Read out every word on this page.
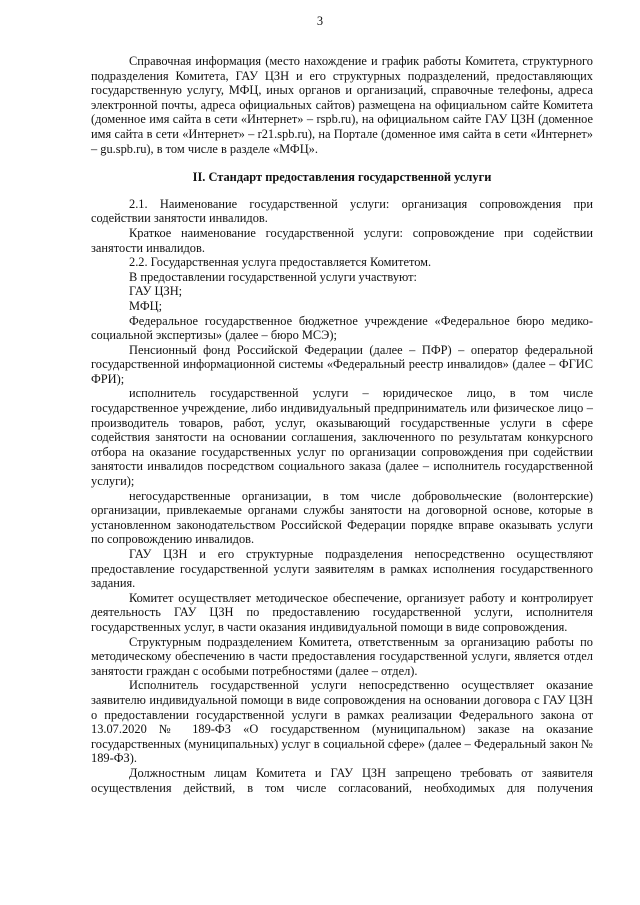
3

Справочная информация (место нахождение и график работы Комитета, структурного подразделения Комитета, ГАУ ЦЗН и его структурных подразделений, предоставляющих государственную услугу, МФЦ, иных органов и организаций, справочные телефоны, адреса электронной почты, адреса официальных сайтов) размещена на официальном сайте Комитета (доменное имя сайта в сети «Интернет» – rspb.ru), на официальном сайте ГАУ ЦЗН (доменное имя сайта в сети «Интернет» – r21.spb.ru), на Портале (доменное имя сайта в сети «Интернет» – gu.spb.ru), в том числе в разделе «МФЦ».

II. Стандарт предоставления государственной услуги

2.1. Наименование государственной услуги: организация сопровождения при содействии занятости инвалидов.

Краткое наименование государственной услуги: сопровождение при содействии занятости инвалидов.

2.2. Государственная услуга предоставляется Комитетом.

В предоставлении государственной услуги участвуют:

ГАУ ЦЗН;

МФЦ;

Федеральное государственное бюджетное учреждение «Федеральное бюро медико-социальной экспертизы» (далее – бюро МСЭ);

Пенсионный фонд Российской Федерации (далее – ПФР) – оператор федеральной государственной информационной системы «Федеральный реестр инвалидов» (далее – ФГИС ФРИ);

исполнитель государственной услуги – юридическое лицо, в том числе государственное учреждение, либо индивидуальный предприниматель или физическое лицо – производитель товаров, работ, услуг, оказывающий государственные услуги в сфере содействия занятости на основании соглашения, заключенного по результатам конкурсного отбора на оказание государственных услуг по организации сопровождения при содействии занятости инвалидов посредством социального заказа (далее – исполнитель государственной услуги);

негосударственные организации, в том числе добровольческие (волонтерские) организации, привлекаемые органами службы занятости на договорной основе, которые в установленном законодательством Российской Федерации порядке вправе оказывать услуги по сопровождению инвалидов.

ГАУ ЦЗН и его структурные подразделения непосредственно осуществляют предоставление государственной услуги заявителям в рамках исполнения государственного задания.

Комитет осуществляет методическое обеспечение, организует работу и контролирует деятельность ГАУ ЦЗН по предоставлению государственной услуги, исполнителя государственных услуг, в части оказания индивидуальной помощи в виде сопровождения.

Структурным подразделением Комитета, ответственным за организацию работы по методическому обеспечению в части предоставления государственной услуги, является отдел занятости граждан с особыми потребностями (далее – отдел).

Исполнитель государственной услуги непосредственно осуществляет оказание заявителю индивидуальной помощи в виде сопровождения на основании договора с ГАУ ЦЗН о предоставлении государственной услуги в рамках реализации Федерального закона от 13.07.2020 № 189-ФЗ «О государственном (муниципальном) заказе на оказание государственных (муниципальных) услуг в социальной сфере» (далее – Федеральный закон № 189-ФЗ).

Должностным лицам Комитета и ГАУ ЦЗН запрещено требовать от заявителя осуществления действий, в том числе согласований, необходимых для получения
